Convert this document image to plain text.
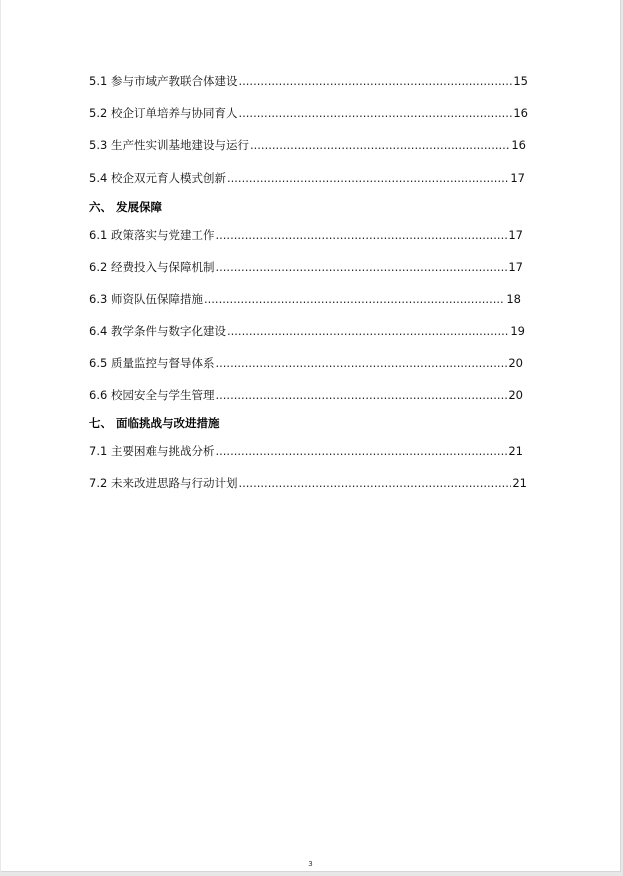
5.1 参与市域产教联合体建设 .....	15
5.2 校企订单培养与协同育人 .....	16
5.3 生产性实训基地建设与运行 .....	16
5.4 校企双元育人模式创新 .....	17
六、 发展保障
6.1 政策落实与党建工作 .....	17
6.2 经费投入与保障机制 .....	17
6.3 师资队伍保障措施 .....	18
6.4 教学条件与数字化建设 .....	19
6.5 质量监控与督导体系 .....	20
6.6 校园安全与学生管理 .....	20
七、 面临挑战与改进措施
7.1 主要困难与挑战分析 .....	21
7.2 未来改进思路与行动计划 .....	21
3
